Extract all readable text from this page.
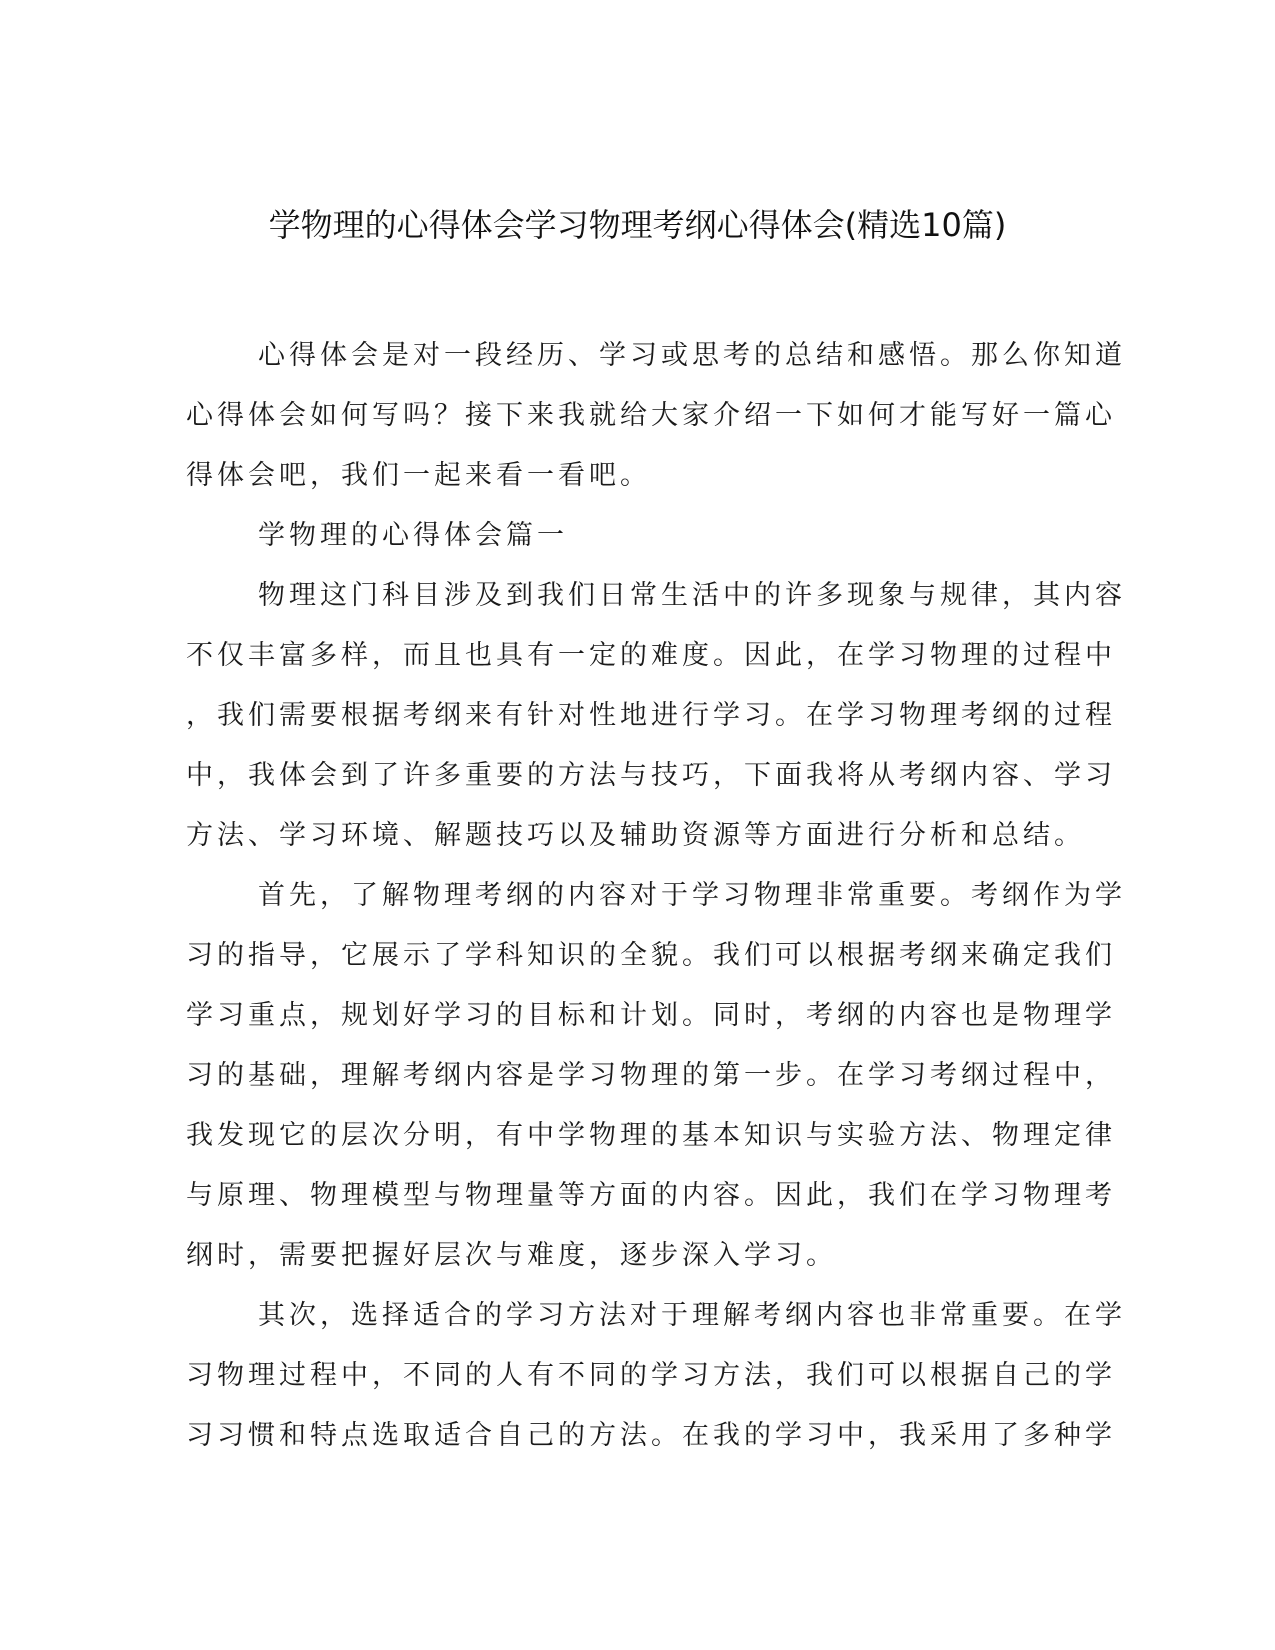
学物理的心得体会学习物理考纲心得体会(精选10篇)
心得体会是对一段经历、学习或思考的总结和感悟。那么你知道
心得体会如何写吗？接下来我就给大家介绍一下如何才能写好一篇心
得体会吧，我们一起来看一看吧。
学物理的心得体会篇一
物理这门科目涉及到我们日常生活中的许多现象与规律，其内容
不仅丰富多样，而且也具有一定的难度。因此，在学习物理的过程中
，我们需要根据考纲来有针对性地进行学习。在学习物理考纲的过程
中，我体会到了许多重要的方法与技巧，下面我将从考纲内容、学习
方法、学习环境、解题技巧以及辅助资源等方面进行分析和总结。
首先，了解物理考纲的内容对于学习物理非常重要。考纲作为学
习的指导，它展示了学科知识的全貌。我们可以根据考纲来确定我们
学习重点，规划好学习的目标和计划。同时，考纲的内容也是物理学
习的基础，理解考纲内容是学习物理的第一步。在学习考纲过程中，
我发现它的层次分明，有中学物理的基本知识与实验方法、物理定律
与原理、物理模型与物理量等方面的内容。因此，我们在学习物理考
纲时，需要把握好层次与难度，逐步深入学习。
其次，选择适合的学习方法对于理解考纲内容也非常重要。在学
习物理过程中，不同的人有不同的学习方法，我们可以根据自己的学
习习惯和特点选取适合自己的方法。在我的学习中，我采用了多种学
